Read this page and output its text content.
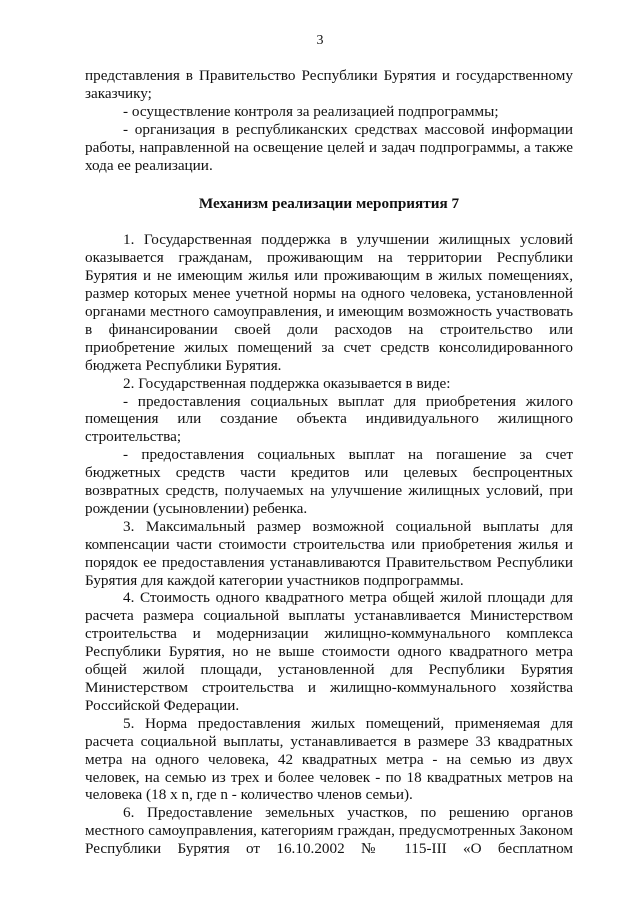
3

представления в Правительство Республики Бурятия и государственному заказчику;

- осуществление контроля за реализацией подпрограммы;

- организация в республиканских средствах массовой информации работы, направленной на освещение целей и задач подпрограммы, а также хода ее реализации.

Механизм реализации мероприятия 7

1. Государственная поддержка в улучшении жилищных условий оказывается гражданам, проживающим на территории Республики Бурятия и не имеющим жилья или проживающим в жилых помещениях, размер которых менее учетной нормы на одного человека, установленной органами местного самоуправления, и имеющим возможность участвовать в финансировании своей доли расходов на строительство или приобретение жилых помещений за счет средств консолидированного бюджета Республики Бурятия.

2. Государственная поддержка оказывается в виде:

- предоставления социальных выплат для приобретения жилого помещения или создание объекта индивидуального жилищного строительства;

- предоставления социальных выплат на погашение за счет бюджетных средств части кредитов или целевых беспроцентных возвратных средств, получаемых на улучшение жилищных условий, при рождении (усыновлении) ребенка.

3. Максимальный размер возможной социальной выплаты для компенсации части стоимости строительства или приобретения жилья и порядок ее предоставления устанавливаются Правительством Республики Бурятия для каждой категории участников подпрограммы.

4. Стоимость одного квадратного метра общей жилой площади для расчета размера социальной выплаты устанавливается Министерством строительства и модернизации жилищно-коммунального комплекса Республики Бурятия, но не выше стоимости одного квадратного метра общей жилой площади, установленной для Республики Бурятия Министерством строительства и жилищно-коммунального хозяйства Российской Федерации.

5. Норма предоставления жилых помещений, применяемая для расчета социальной выплаты, устанавливается в размере 33 квадратных метра на одного человека, 42 квадратных метра - на семью из двух человек, на семью из трех и более человек - по 18 квадратных метров на человека (18 х n, где n - количество членов семьи).

6. Предоставление земельных участков, по решению органов местного самоуправления, категориям граждан, предусмотренных Законом Республики Бурятия от 16.10.2002 № 115-III «О бесплатном
